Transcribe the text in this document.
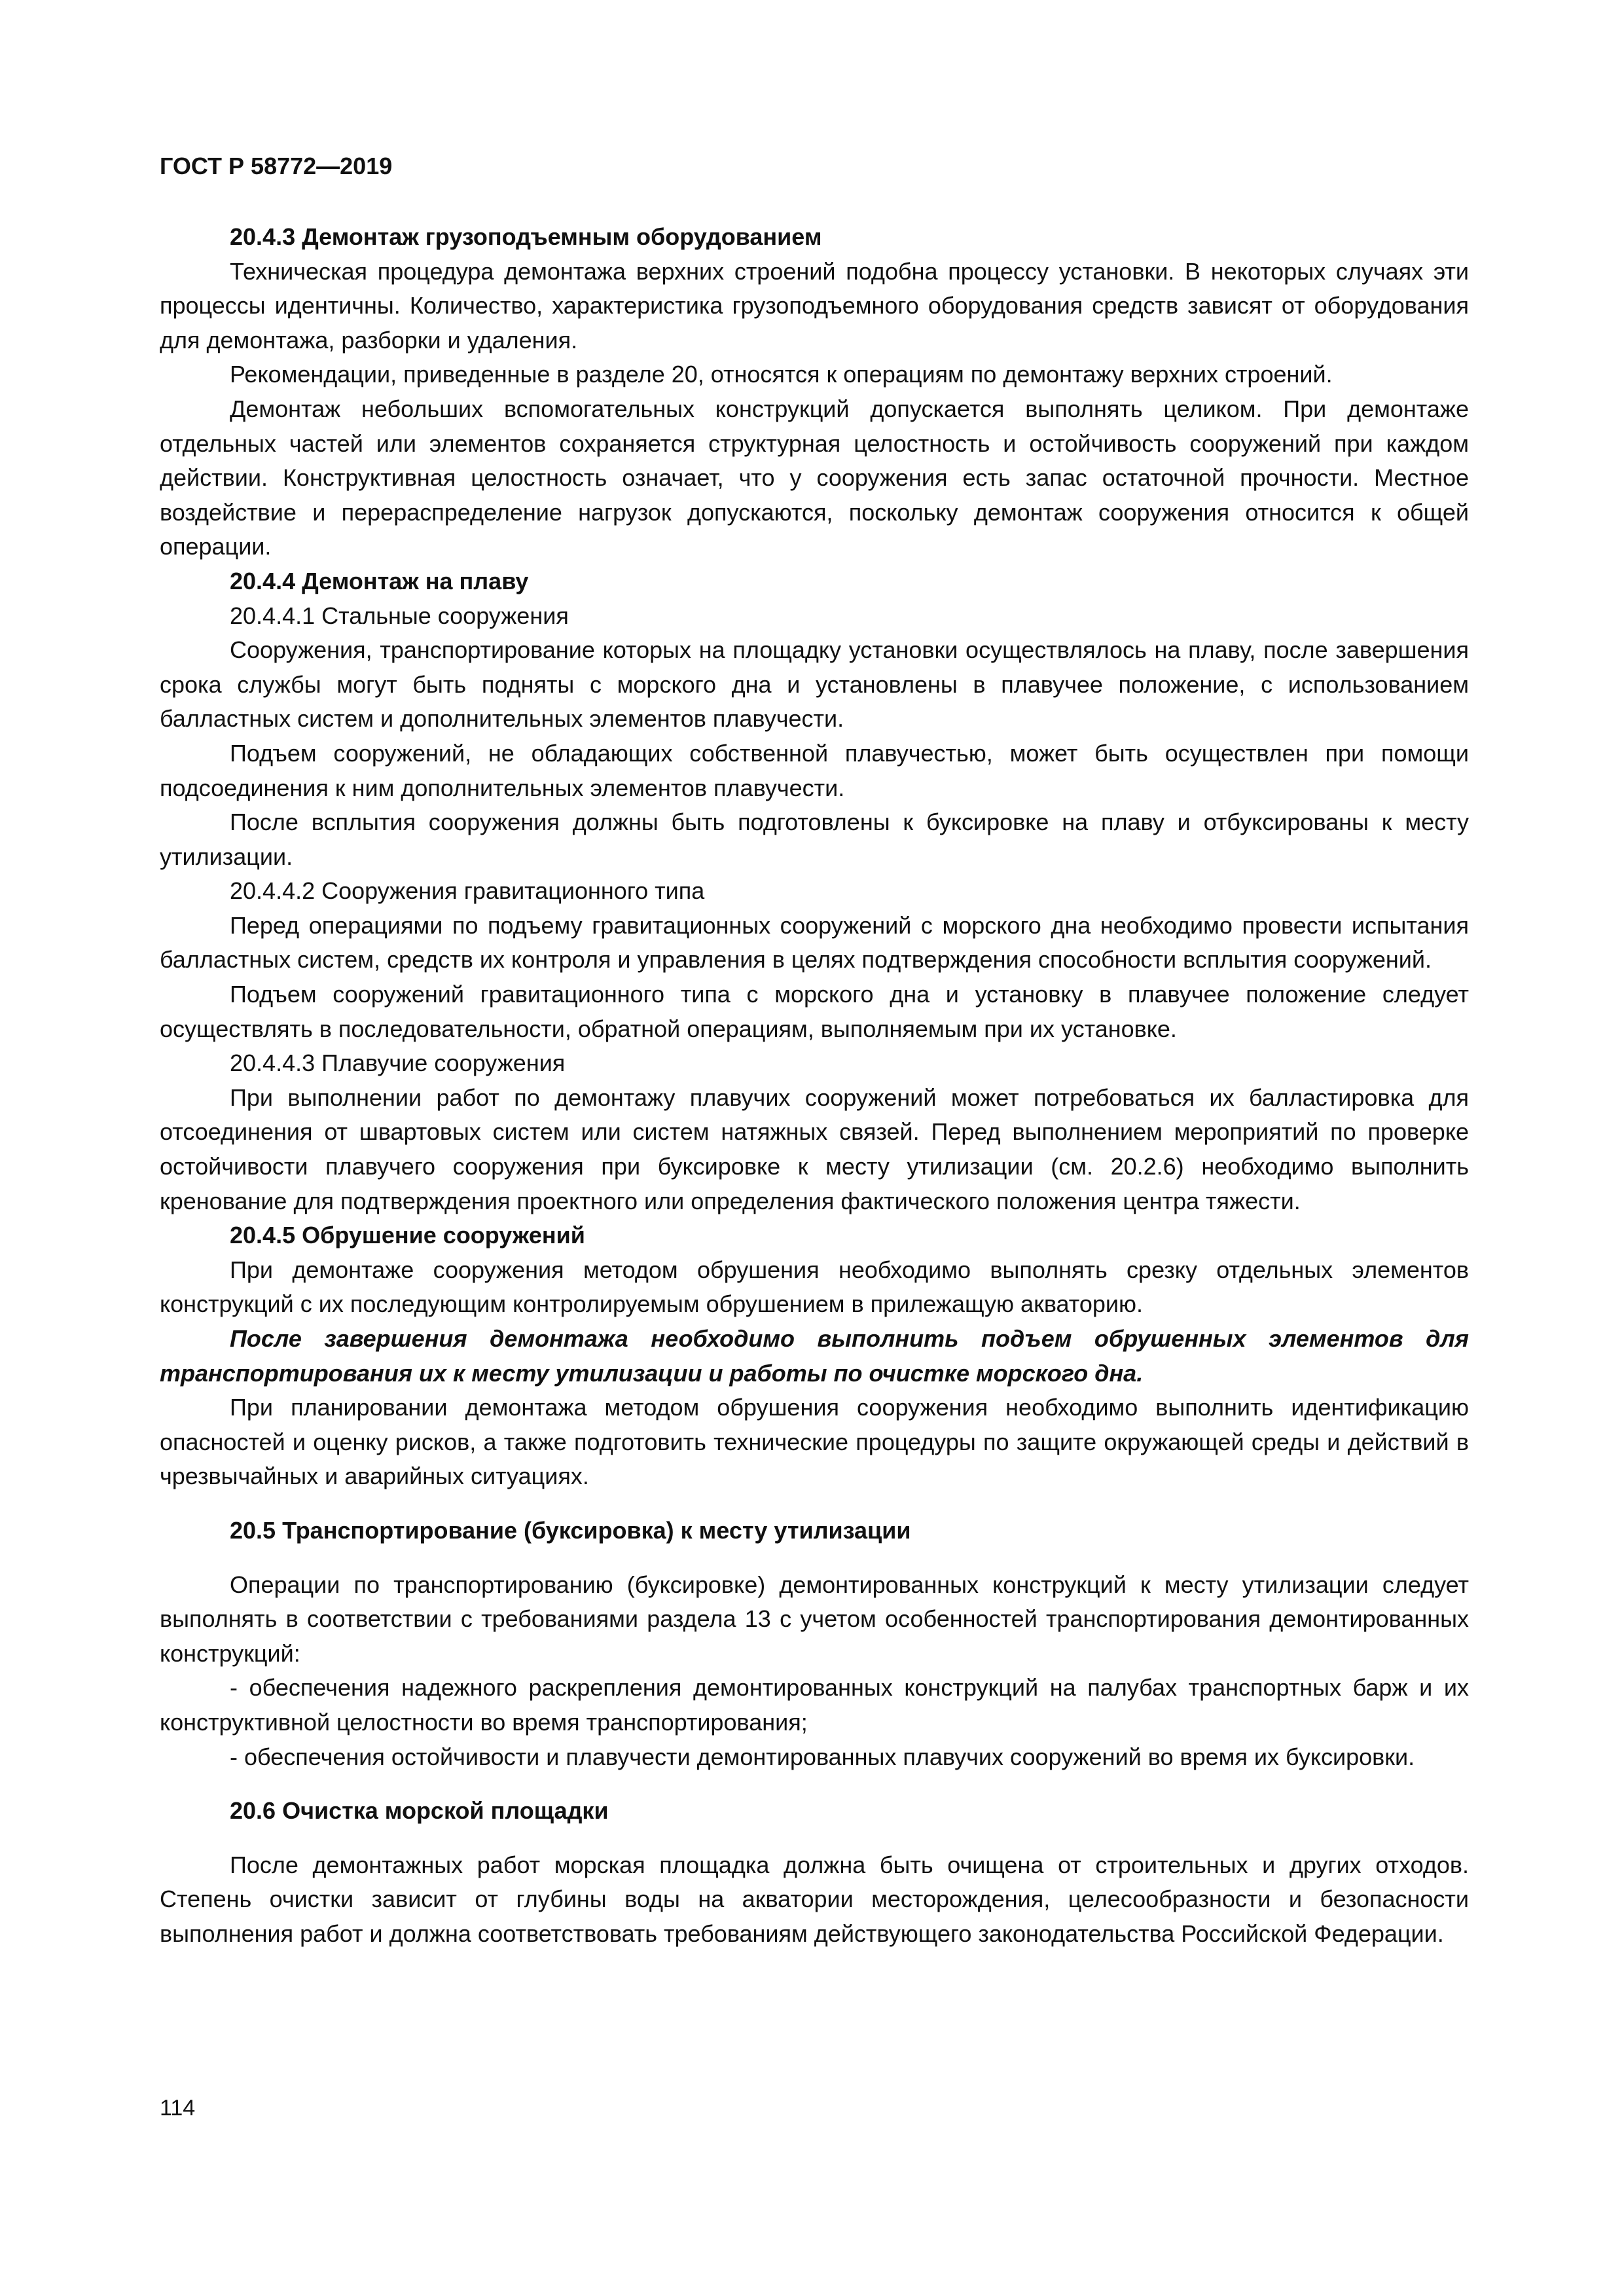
ГОСТ Р 58772—2019

20.4.3 Демонтаж грузоподъемным оборудованием

Техническая процедура демонтажа верхних строений подобна процессу установки. В некоторых случаях эти процессы идентичны. Количество, характеристика грузоподъемного оборудования средств зависят от оборудования для демонтажа, разборки и удаления.

Рекомендации, приведенные в разделе 20, относятся к операциям по демонтажу верхних строений.

Демонтаж небольших вспомогательных конструкций допускается выполнять целиком. При демонтаже отдельных частей или элементов сохраняется структурная целостность и остойчивость сооружений при каждом действии. Конструктивная целостность означает, что у сооружения есть запас остаточной прочности. Местное воздействие и перераспределение нагрузок допускаются, поскольку демонтаж сооружения относится к общей операции.

20.4.4 Демонтаж на плаву

20.4.4.1 Стальные сооружения

Сооружения, транспортирование которых на площадку установки осуществлялось на плаву, после завершения срока службы могут быть подняты с морского дна и установлены в плавучее положение, с использованием балластных систем и дополнительных элементов плавучести.

Подъем сооружений, не обладающих собственной плавучестью, может быть осуществлен при помощи подсоединения к ним дополнительных элементов плавучести.

После всплытия сооружения должны быть подготовлены к буксировке на плаву и отбуксированы к месту утилизации.

20.4.4.2 Сооружения гравитационного типа

Перед операциями по подъему гравитационных сооружений с морского дна необходимо провести испытания балластных систем, средств их контроля и управления в целях подтверждения способности всплытия сооружений.

Подъем сооружений гравитационного типа с морского дна и установку в плавучее положение следует осуществлять в последовательности, обратной операциям, выполняемым при их установке.

20.4.4.3 Плавучие сооружения

При выполнении работ по демонтажу плавучих сооружений может потребоваться их балластировка для отсоединения от швартовых систем или систем натяжных связей. Перед выполнением мероприятий по проверке остойчивости плавучего сооружения при буксировке к месту утилизации (см. 20.2.6) необходимо выполнить кренование для подтверждения проектного или определения фактического положения центра тяжести.

20.4.5 Обрушение сооружений

При демонтаже сооружения методом обрушения необходимо выполнять срезку отдельных элементов конструкций с их последующим контролируемым обрушением в прилежащую акваторию.

После завершения демонтажа необходимо выполнить подъем обрушенных элементов для транспортирования их к месту утилизации и работы по очистке морского дна.

При планировании демонтажа методом обрушения сооружения необходимо выполнить идентификацию опасностей и оценку рисков, а также подготовить технические процедуры по защите окружающей среды и действий в чрезвычайных и аварийных ситуациях.

20.5 Транспортирование (буксировка) к месту утилизации

Операции по транспортированию (буксировке) демонтированных конструкций к месту утилизации следует выполнять в соответствии с требованиями раздела 13 с учетом особенностей транспортирования демонтированных конструкций:

- обеспечения надежного раскрепления демонтированных конструкций на палубах транспортных барж и их конструктивной целостности во время транспортирования;

- обеспечения остойчивости и плавучести демонтированных плавучих сооружений во время их буксировки.

20.6 Очистка морской площадки

После демонтажных работ морская площадка должна быть очищена от строительных и других отходов. Степень очистки зависит от глубины воды на акватории месторождения, целесообразности и безопасности выполнения работ и должна соответствовать требованиям действующего законодательства Российской Федерации.

114
